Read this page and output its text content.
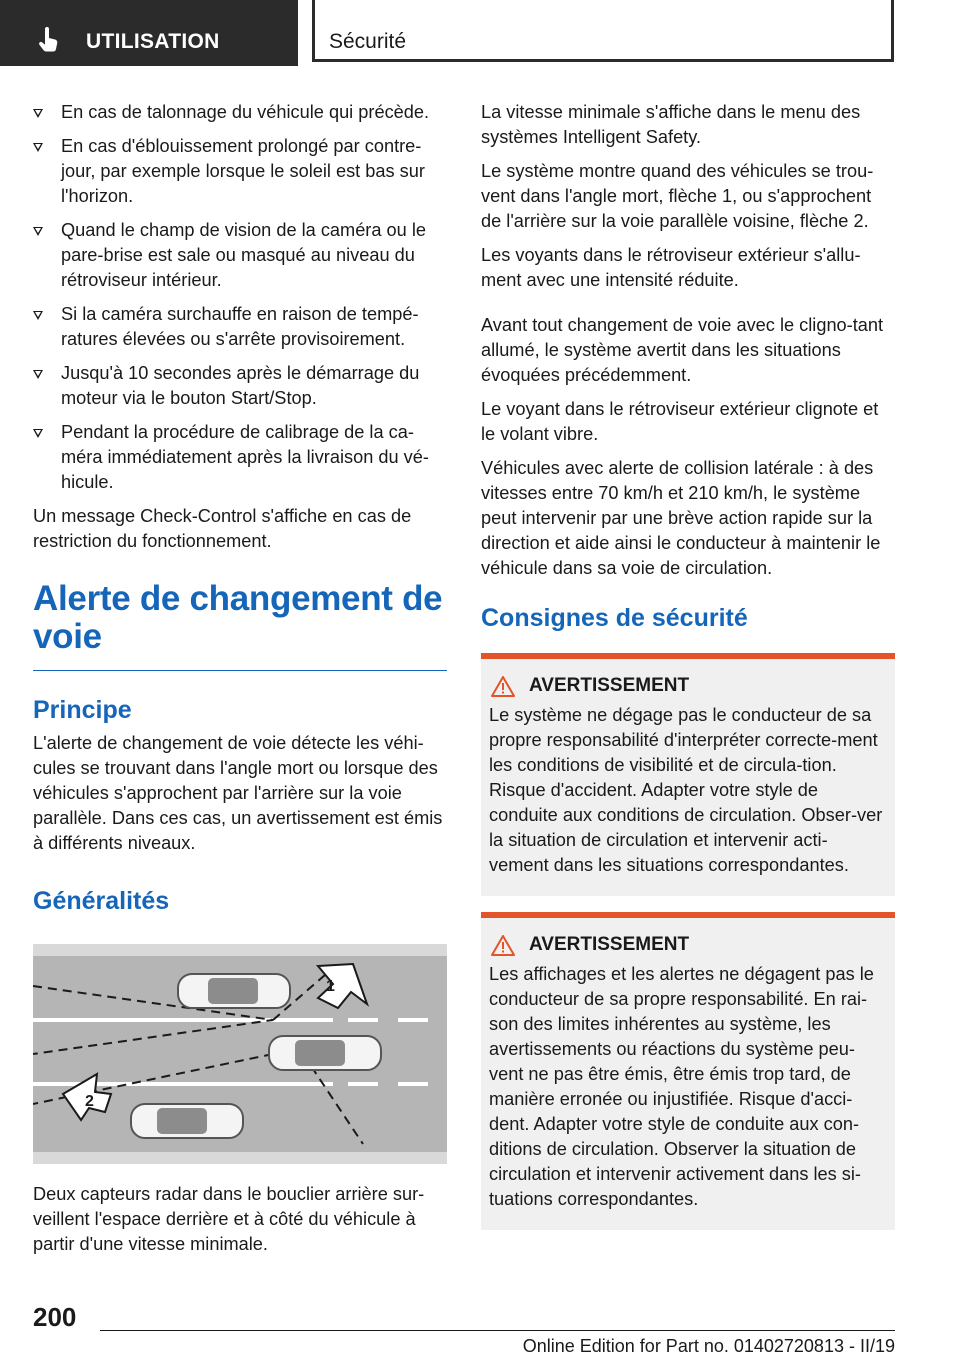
UTILISATION	Sécurité
En cas de talonnage du véhicule qui précède.
En cas d'éblouissement prolongé par contre-jour, par exemple lorsque le soleil est bas sur l'horizon.
Quand le champ de vision de la caméra ou le pare-brise est sale ou masqué au niveau du rétroviseur intérieur.
Si la caméra surchauffe en raison de tempé-ratures élevées ou s'arrête provisoirement.
Jusqu'à 10 secondes après le démarrage du moteur via le bouton Start/Stop.
Pendant la procédure de calibrage de la ca-méra immédiatement après la livraison du vé-hicule.

Un message Check-Control s'affiche en cas de restriction du fonctionnement.

Alerte de changement de voie
Principe

L'alerte de changement de voie détecte les véhi-cules se trouvant dans l'angle mort ou lorsque des véhicules s'approchent par l'arrière sur la voie parallèle. Dans ces cas, un avertissement est émis à différents niveaux.

Généralités
1
2

Deux capteurs radar dans le bouclier arrière sur-veillent l'espace derrière et à côté du véhicule à partir d'une vitesse minimale.

La vitesse minimale s'affiche dans le menu des systèmes Intelligent Safety.

Le système montre quand des véhicules se trou-vent dans l'angle mort, flèche 1, ou s'approchent de l'arrière sur la voie parallèle voisine, flèche 2.

Les voyants dans le rétroviseur extérieur s'allu-ment avec une intensité réduite.

Avant tout changement de voie avec le cligno-tant allumé, le système avertit dans les situations évoquées précédemment.

Le voyant dans le rétroviseur extérieur clignote et le volant vibre.

Véhicules avec alerte de collision latérale : à des vitesses entre 70 km/h et 210 km/h, le système peut intervenir par une brève action rapide sur la direction et aide ainsi le conducteur à maintenir le véhicule dans sa voie de circulation.

Consignes de sécurité
AVERTISSEMENT

Le système ne dégage pas le conducteur de sa propre responsabilité d'interpréter correcte-ment les conditions de visibilité et de circula-tion. Risque d'accident. Adapter votre style de conduite aux conditions de circulation. Obser-ver la situation de circulation et intervenir acti-vement dans les situations correspondantes.

AVERTISSEMENT

Les affichages et les alertes ne dégagent pas le conducteur de sa propre responsabilité. En rai-son des limites inhérentes au système, les avertissements ou réactions du système peu-vent ne pas être émis, être émis trop tard, de manière erronée ou injustifiée. Risque d'acci-dent. Adapter votre style de conduite aux con-ditions de circulation. Observer la situation de circulation et intervenir activement dans les si-tuations correspondantes.

200
Online Edition for Part no. 01402720813 - II/19
